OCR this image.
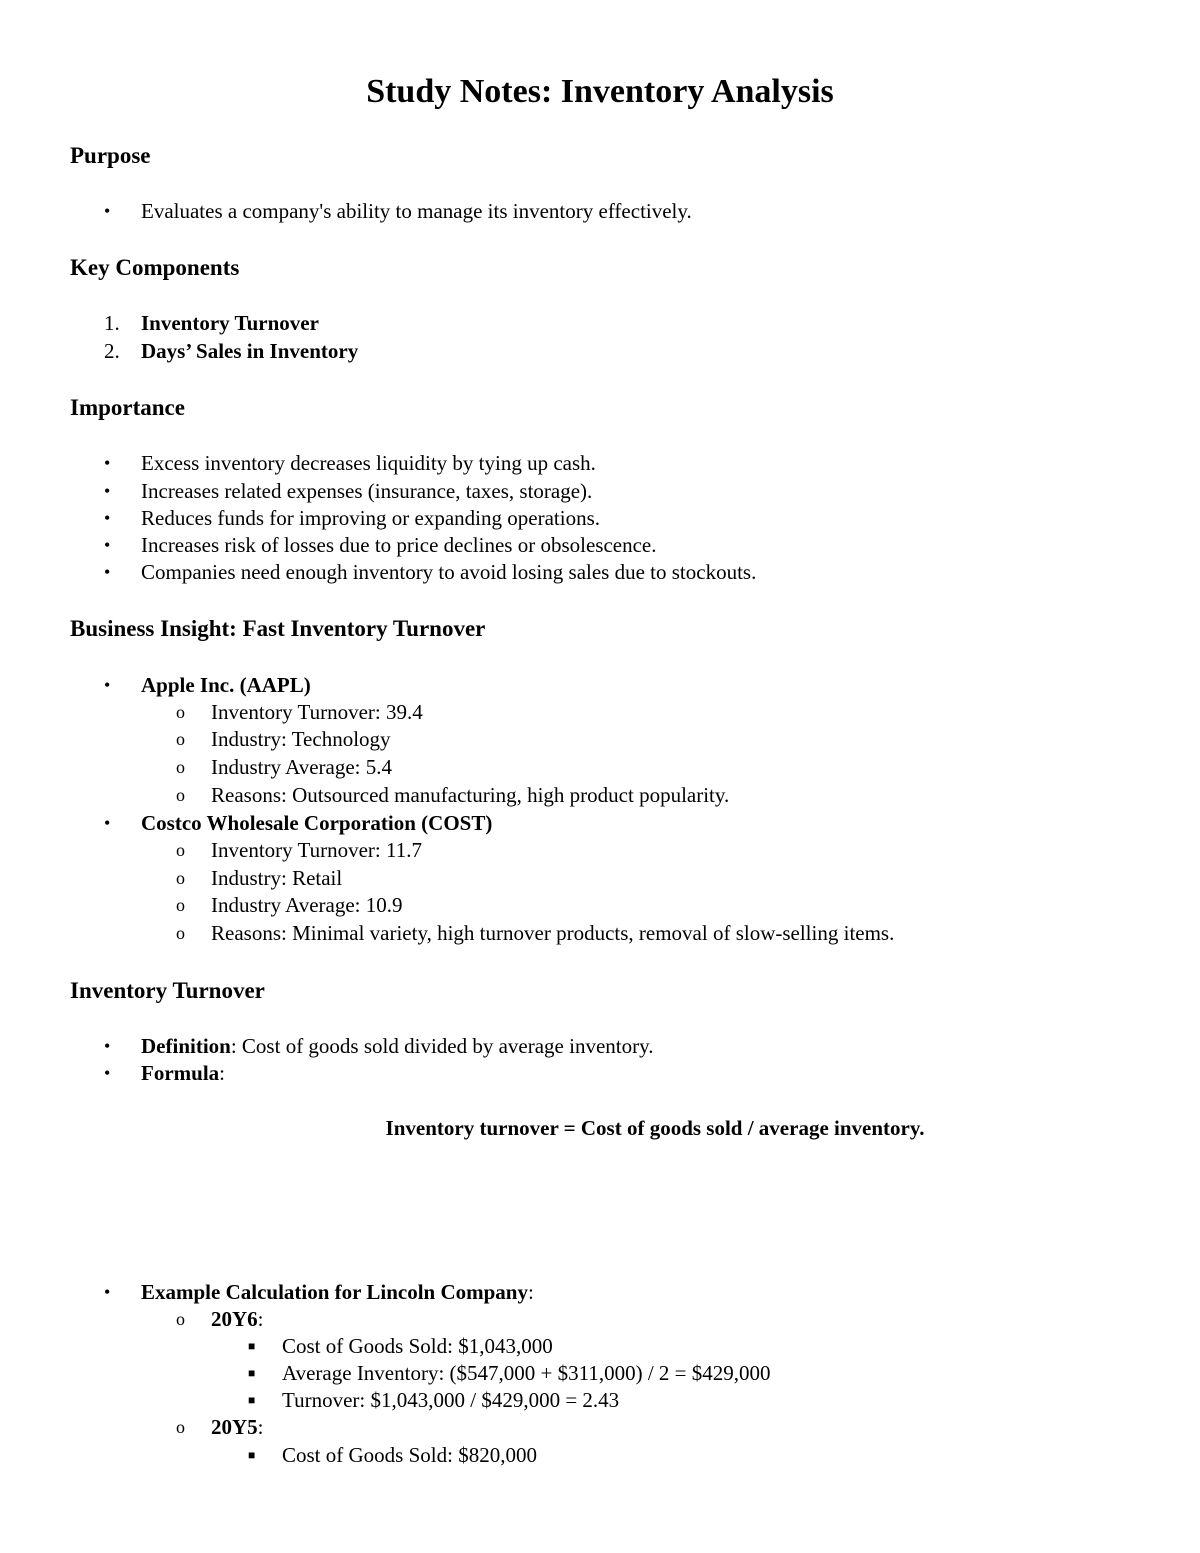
Study Notes: Inventory Analysis
Purpose
• Evaluates a company's ability to manage its inventory effectively.
Key Components
1. Inventory Turnover
2. Days’ Sales in Inventory
Importance
• Excess inventory decreases liquidity by tying up cash.
• Increases related expenses (insurance, taxes, storage).
• Reduces funds for improving or expanding operations.
• Increases risk of losses due to price declines or obsolescence.
• Companies need enough inventory to avoid losing sales due to stockouts.
Business Insight: Fast Inventory Turnover
• Apple Inc. (AAPL)
o Inventory Turnover: 39.4
o Industry: Technology
o Industry Average: 5.4
o Reasons: Outsourced manufacturing, high product popularity.
• Costco Wholesale Corporation (COST)
o Inventory Turnover: 11.7
o Industry: Retail
o Industry Average: 10.9
o Reasons: Minimal variety, high turnover products, removal of slow-selling items.
Inventory Turnover
• Definition: Cost of goods sold divided by average inventory.
• Formula:
Inventory turnover = Cost of goods sold / average inventory.
• Example Calculation for Lincoln Company:
o 20Y6:
■ Cost of Goods Sold: $1,043,000
■ Average Inventory: ($547,000 + $311,000) / 2 = $429,000
■ Turnover: $1,043,000 / $429,000 = 2.43
o 20Y5:
■ Cost of Goods Sold: $820,000
